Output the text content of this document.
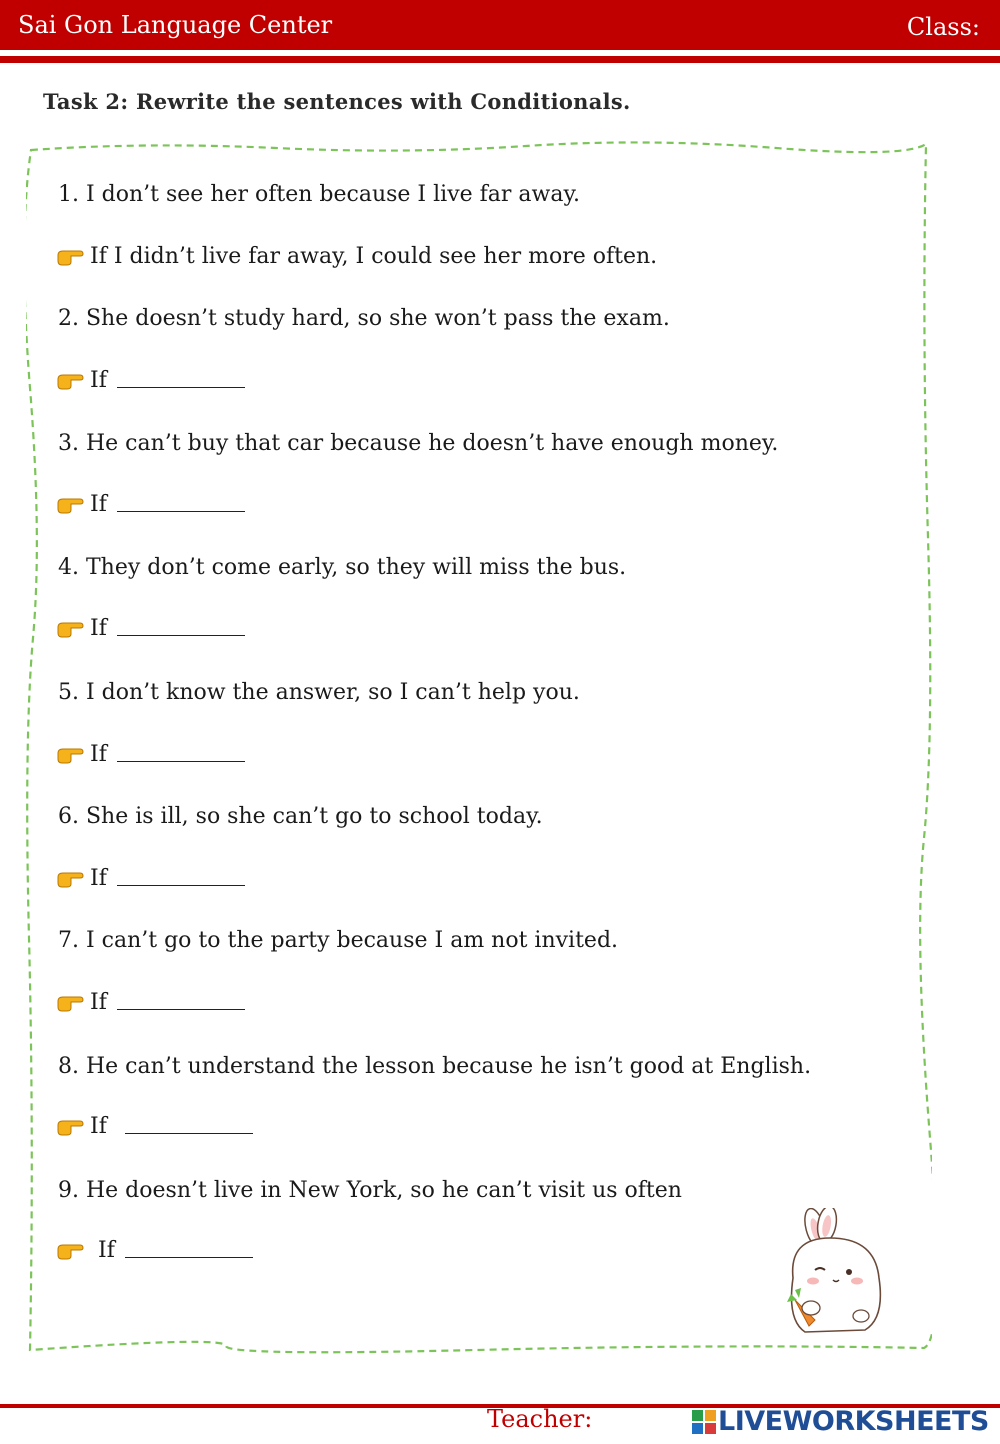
Sai Gon Language Center	Class:
Task 2: Rewrite the sentences with Conditionals.
1. I don’t see her often because I live far away.
If I didn’t live far away, I could see her more often.
2. She doesn’t study hard, so she won’t pass the exam.
If
3. He can’t buy that car because he doesn’t have enough money.
If
4. They don’t come early, so they will miss the bus.
If
5. I don’t know the answer, so I can’t help you.
If
6. She is ill, so she can’t go to school today.
If
7. I can’t go to the party because I am not invited.
If
8. He can’t understand the lesson because he isn’t good at English.
If
9. He doesn’t live in New York, so he can’t visit us often
If
Teacher:	LIVEWORKSHEETS
